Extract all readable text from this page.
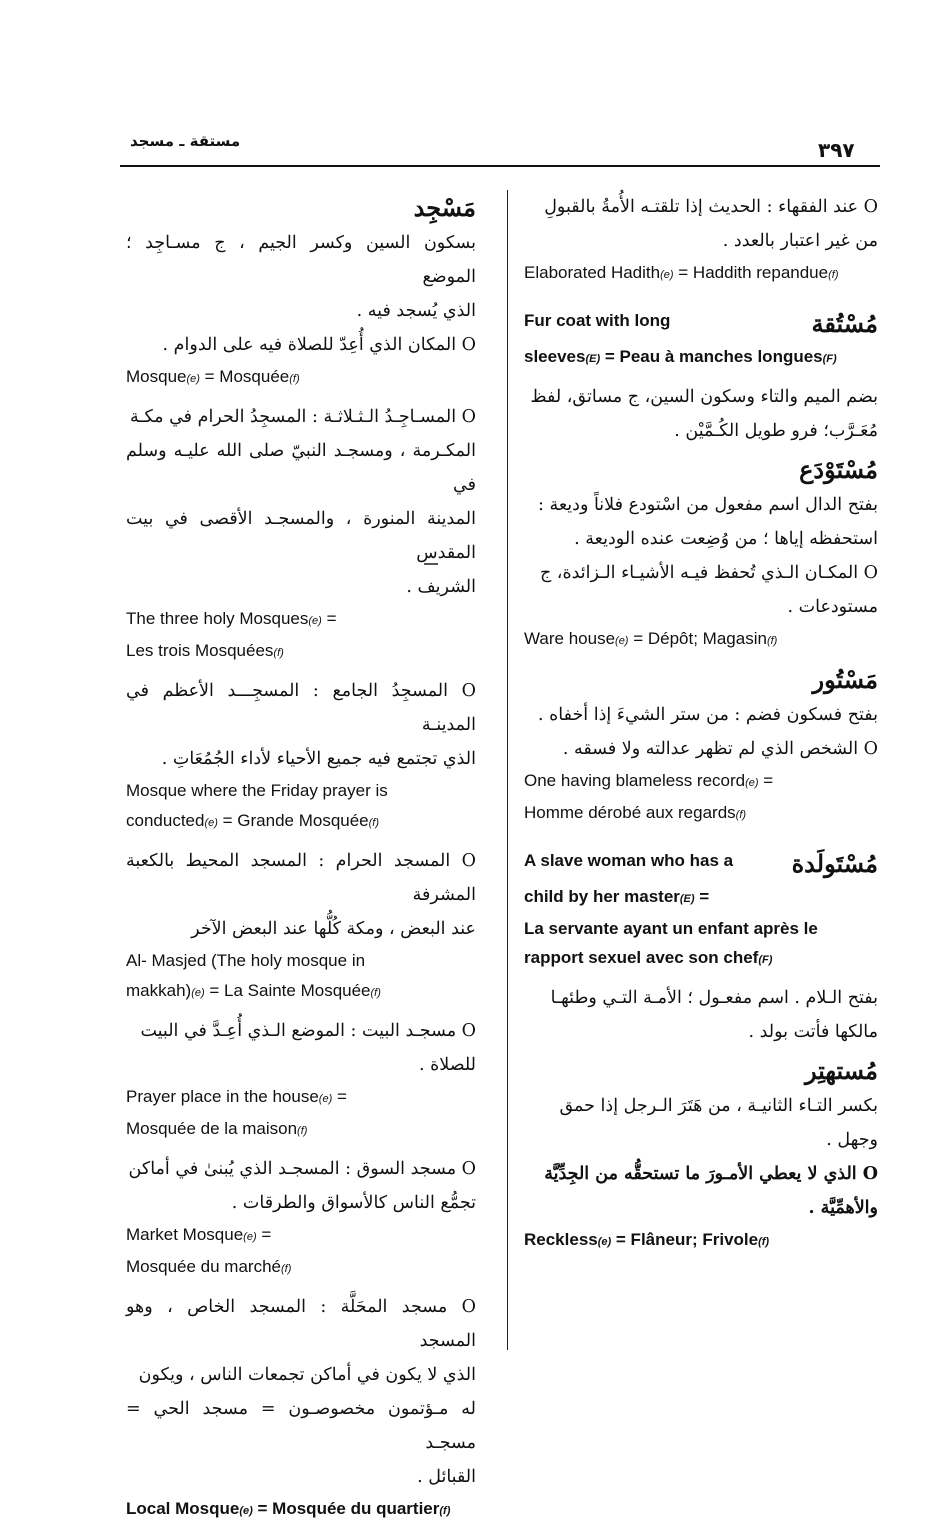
مستقة ـ مسجد	٣٩٧

O عند الفقهاء : الحديث إذا تلقتـه الأُمةُ بالقبولِ

من غير اعتبار بالعدد .

Elaborated Hadith(e) = Haddith repandue(f)

Fur coat with long	مُسْتُقة

sleeves(E) = Peau à manches longues(F)

بضم الميم والتاء وسكون السين، ج مساتق، لفظ

مُعَـرَّب؛ فرو طويل الكُـمَّيْن .

مُسْتَوْدَع

بفتح الدال اسم مفعول من اسْتودع فلاناً وديعة :

استحفظه إياها ؛ من وُضِعت عنده الوديعة .

O المكـان الـذي تُحفظ فيـه الأشيـاء الـزائدة، ج

مستودعات .

Ware house(e) = Dépôt; Magasin(f)

مَسْتُور

بفتح فسكون فضم : من ستر الشيءَ إذا أخفاه .

O الشخص الذي لم تظهر عدالته ولا فسقه .

One having blameless record(e) =

Homme dérobé aux regards(f)

A slave woman who has a مُسْتَولَدة

child by her master(E) =

La servante ayant un enfant après le

rapport sexuel avec son chef(F)

بفتح الـلام . اسم مفعـول ؛ الأمـة التـي وطئهـا

مالكها فأتت بولد .

مُستهتِر

بكسر التـاء الثانيـة ، من هَتَرَ الـرجل إذا حمق

وجهل .

O الذي لا يعطي الأمـورَ ما تستحقُّه من الجِدِّيَّة

والأهمِّيَّة .

Reckless(e) = Flâneur; Frivole(f)

مَسْجِد

بسكون السين وكسر الجيم ، ج مسـاجِد ؛ الموضع

الذي يُسجد فيه .

O المكان الذي أُعِدّ للصلاة فيه على الدوام .

Mosque(e) = Mosquée(f)

O المسـاجِـدُ الـثـلاثـة : المسجِدُ الحرام في مكـة

المكـرمة ، ومسجـد النبيّ صلى الله عليـه وسلم في

المدينة المنورة ، والمسجـد الأقصى في بيت المقدس

الشريف .

The three holy Mosques(e) =

Les trois Mosquées(f)

O المسجِدُ الجامع : المسجِـــد الأعظم في المدينـة

الذي تجتمع فيه جميع الأحياء لأداء الجُمُعَاتِ .

Mosque where the Friday prayer is

conducted(e) = Grande Mosquée(f)

O المسجد الحرام : المسجد المحيط بالكعبة المشرفة

عند البعض ، ومكة كُلُّها عند البعض الآخر

Al- Masjed (The holy mosque in

makkah)(e) = La Sainte Mosquée(f)

O مسجـد البيت : الموضع الـذي أُعِـدَّ في البيت

للصلاة .

Prayer place in the house(e) =

Mosquée de la maison(f)

O مسجد السوق : المسجـد الذي يُبنىٰ في أماكن

تجمُّع الناس كالأسواق والطرقات .

Market Mosque(e) =

Mosquée du marché(f)

O مسجد المحَلَّة : المسجد الخاص ، وهو المسجد

الذي لا يكون في أماكن تجمعات الناس ، ويكون

له مـؤتمون مخصوصـون = مسجد الحي = مسجـد

القبائل .

Local Mosque(e) = Mosquée du quartier(f)
